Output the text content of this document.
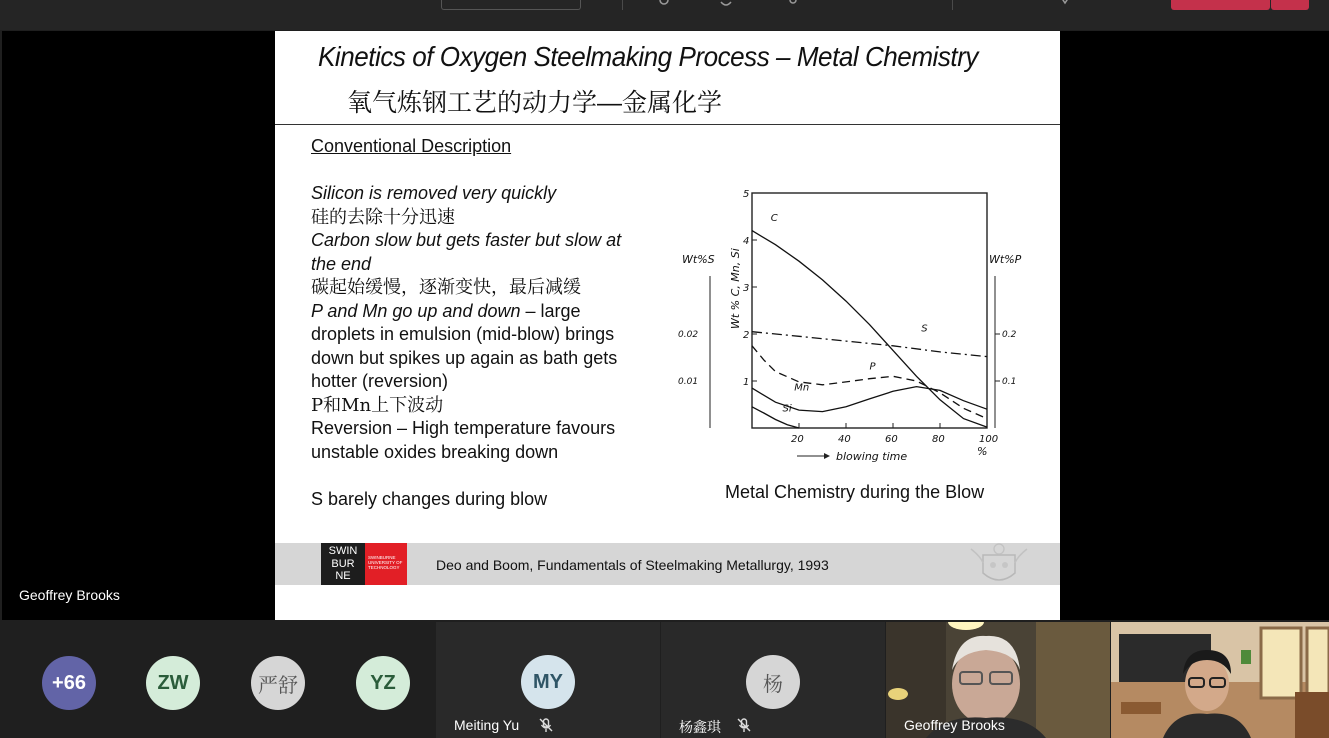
Kinetics of Oxygen Steelmaking Process – Metal Chemistry
氧气炼钢工艺的动力学—金属化学
Conventional Description
Silicon is removed very quickly
硅的去除十分迅速
Carbon slow but gets faster but slow at
the end
碳起始缓慢，逐渐变快，最后减缓
P and Mn go up and down – large
droplets in emulsion (mid-blow) brings
down but spikes up again as bath gets
hotter (reversion)
P和Mn上下波动
Reversion – High temperature favours
unstable oxides breaking down
S barely changes during blow
Wt%S	Wt%P
Wt % C, Mn, Si
blowing time	%
1
2
3
4
5
20	40	60	80	100
0.01
0.02
0.1
0.2
C
S
P
Mn
Si
Metal Chemistry during the Blow
SWIN
BUR
NE
SWINBURNE UNIVERSITY OF TECHNOLOGY	Deo and Boom, Fundamentals of Steelmaking Metallurgy, 1993
Geoffrey Brooks
+66	ZW	严舒	YZ	MY
Meiting Yu
杨
杨鑫琪	Geoffrey Brooks
